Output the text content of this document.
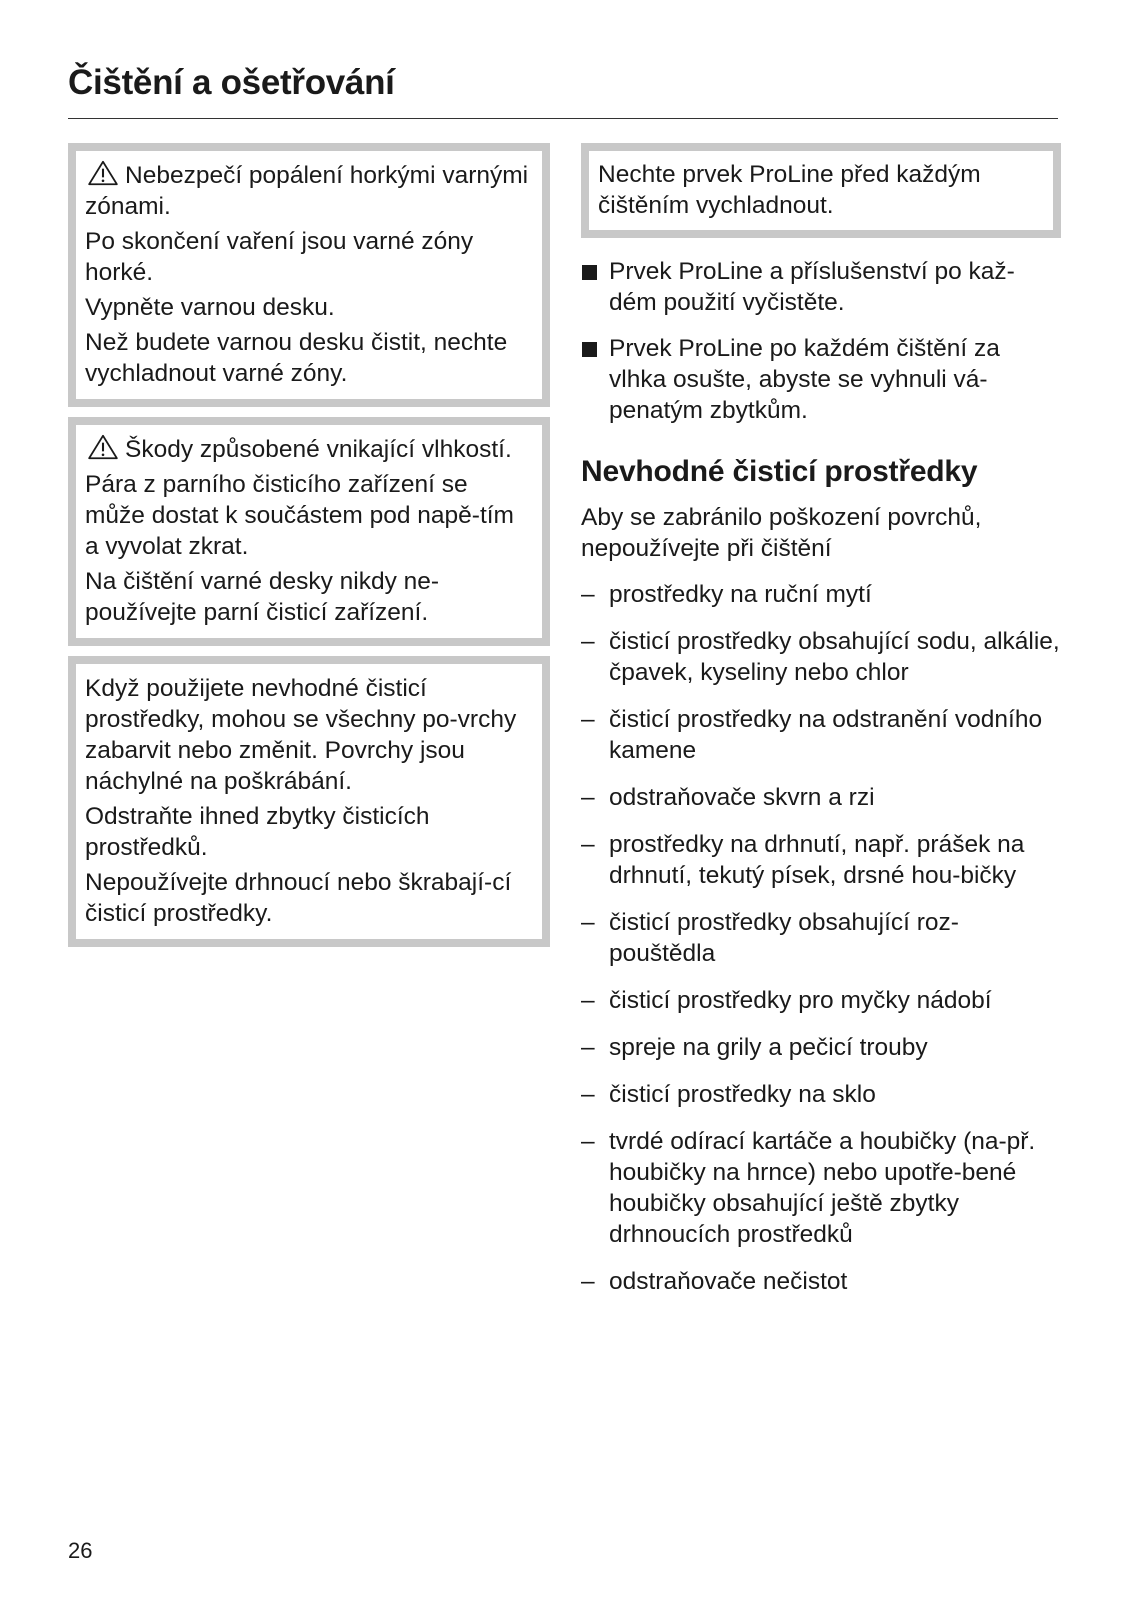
Čištění a ošetřování

Nebezpečí popálení horkými varnými zónami.

Po skončení vaření jsou varné zóny horké.

Vypněte varnou desku.

Než budete varnou desku čistit, nechte vychladnout varné zóny.

Škody způsobené vnikající vlhkostí.

Pára z parního čisticího zařízení se může dostat k součástem pod napě-tím a vyvolat zkrat.

Na čištění varné desky nikdy ne-používejte parní čisticí zařízení.

Když použijete nevhodné čisticí prostředky, mohou se všechny po-vrchy zabarvit nebo změnit. Povrchy jsou náchylné na poškrábání.

Odstraňte ihned zbytky čisticích prostředků.

Nepoužívejte drhnoucí nebo škrabají-cí čisticí prostředky.

Nechte prvek ProLine před každým čištěním vychladnout.

Prvek ProLine a příslušenství po kaž-dém použití vyčistěte.
Prvek ProLine po každém čištění za vlhka osušte, abyste se vyhnuli vá-penatým zbytkům.
Nevhodné čisticí prostředky

Aby se zabránilo poškození povrchů, nepoužívejte při čištění

– prostředky na ruční mytí
– čisticí prostředky obsahující sodu, alkálie, čpavek, kyseliny nebo chlor
– čisticí prostředky na odstranění vodního kamene
– odstraňovače skvrn a rzi
– prostředky na drhnutí, např. prášek na drhnutí, tekutý písek, drsné hou-bičky
– čisticí prostředky obsahující roz-pouštědla
– čisticí prostředky pro myčky nádobí
– spreje na grily a pečicí trouby
– čisticí prostředky na sklo
– tvrdé odírací kartáče a houbičky (na-př. houbičky na hrnce) nebo upotře-bené houbičky obsahující ještě zbytky drhnoucích prostředků
– odstraňovače nečistot
26
